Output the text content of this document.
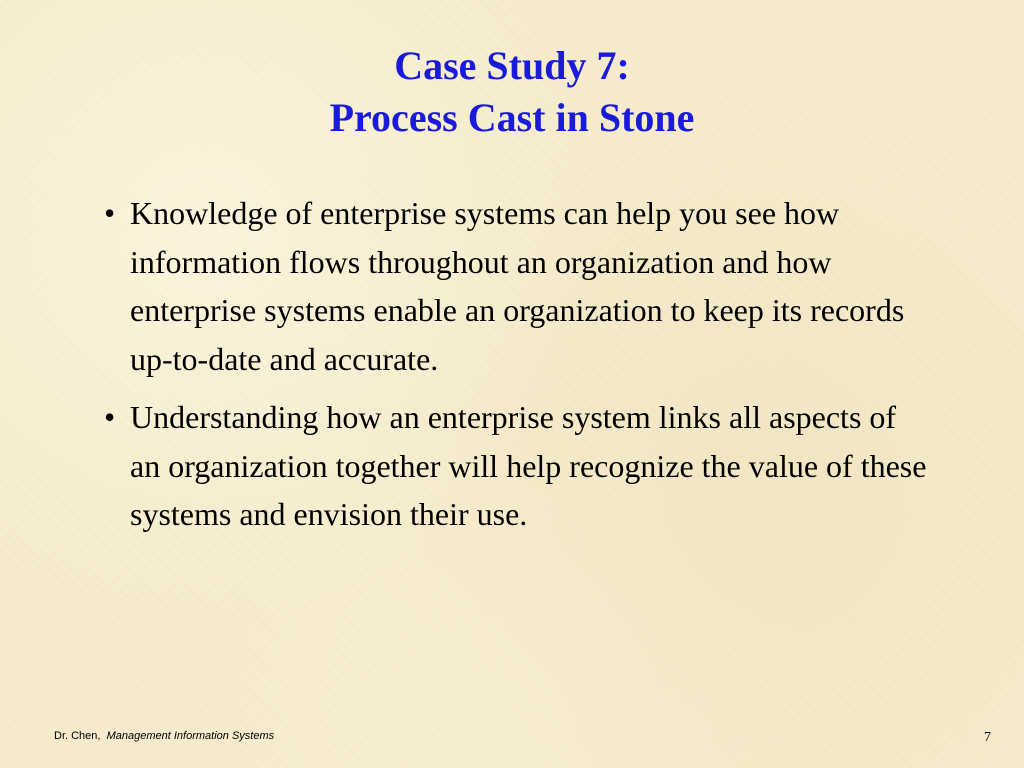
Case Study 7:
Process Cast in Stone
• Knowledge of enterprise systems can help you see how information flows throughout an organization and how enterprise systems enable an organization to keep its records up-to-date and accurate.
• Understanding how an enterprise system links all aspects of an organization together will help recognize the value of these systems and envision their use.
Dr. Chen, Management Information Systems	7
